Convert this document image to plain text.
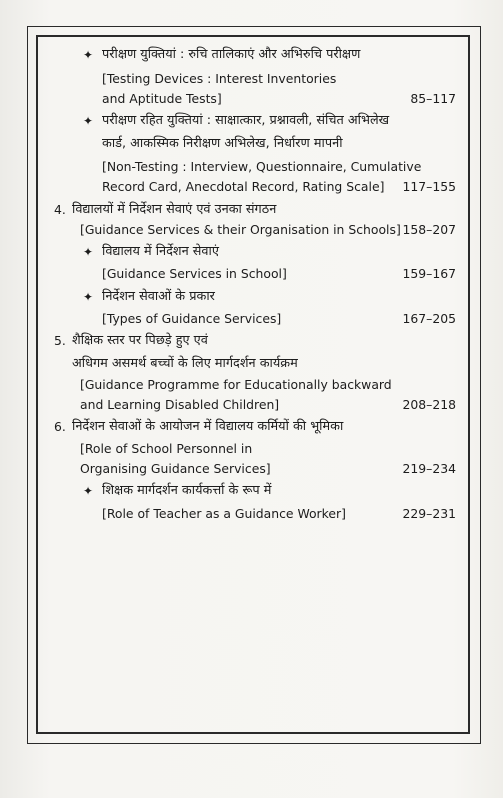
✦ परीक्षण युक्तियां : रुचि तालिकाएं और अभिरुचि परीक्षण
[Testing Devices : Interest Inventories
and Aptitude Tests]	85–117
✦ परीक्षण रहित युक्तियां : साक्षात्कार, प्रश्नावली, संचित अभिलेख
कार्ड, आकस्मिक निरीक्षण अभिलेख, निर्धारण मापनी
[Non-Testing : Interview, Questionnaire, Cumulative
Record Card, Anecdotal Record, Rating Scale] 117–155
4. विद्यालयों में निर्देशन सेवाएं एवं उनका संगठन
[Guidance Services & their Organisation in Schools] 158–207
✦ विद्यालय में निर्देशन सेवाएं
[Guidance Services in School]	159–167
✦ निर्देशन सेवाओं के प्रकार
[Types of Guidance Services]	167–205
5. शैक्षिक स्तर पर पिछड़े हुए एवं
अधिगम असमर्थ बच्चों के लिए मार्गदर्शन कार्यक्रम
[Guidance Programme for Educationally backward
and Learning Disabled Children]	208–218
6. निर्देशन सेवाओं के आयोजन में विद्यालय कर्मियों की भूमिका
[Role of School Personnel in
Organising Guidance Services]	219–234
✦ शिक्षक मार्गदर्शन कार्यकर्त्ता के रूप में
[Role of Teacher as a Guidance Worker]	229–231
